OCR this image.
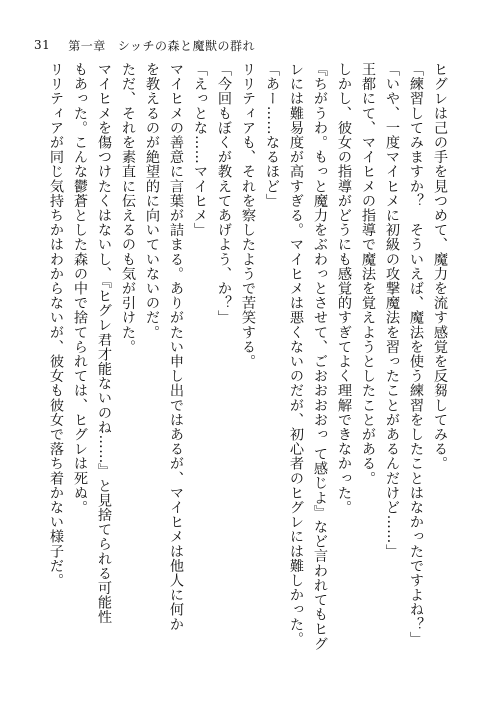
31 第一章 シッチの森と魔獣の群れ
ヒグレは己の手を見つめて、魔力を流す感覚を反芻してみる。
「練習してみますか？　そういえば、魔法を使う練習をしたことはなかったですよね？」
「いや、一度マイヒメに初級の攻撃魔法を習ったことがあるんだけど……」
王都にて、マイヒメの指導で魔法を覚えようとしたことがある。
しかし、彼女の指導がどうにも感覚的すぎてよく理解できなかった。
『ちがうわ。もっと魔力をぶわっとさせて、ごおおおおっ て感じよ』など言われてもヒグ
レには難易度が高すぎる。マイヒメは悪くないのだが、初心者のヒグレには難しかった。
「あー……なるほど」
リリティアも、それを察したようで苦笑する。
「今回もぼくが教えてあげよう、か？」
「えっとな……マイヒメ」
マイヒメの善意に言葉が詰まる。ありがたい申し出ではあるが、マイヒメは他人に何か
を教えるのが絶望的に向いていないのだ。
ただ、それを素直に伝えるのも気が引けた。
マイヒメを傷つけたくはないし、『ヒグレ君才能ないのね……』と見捨てられる可能性
もあった。こんな鬱蒼とした森の中で捨てられては、ヒグレは死ぬ。
リリティアが同じ気持ちかはわからないが、彼女も彼女で落ち着かない様子だ。
